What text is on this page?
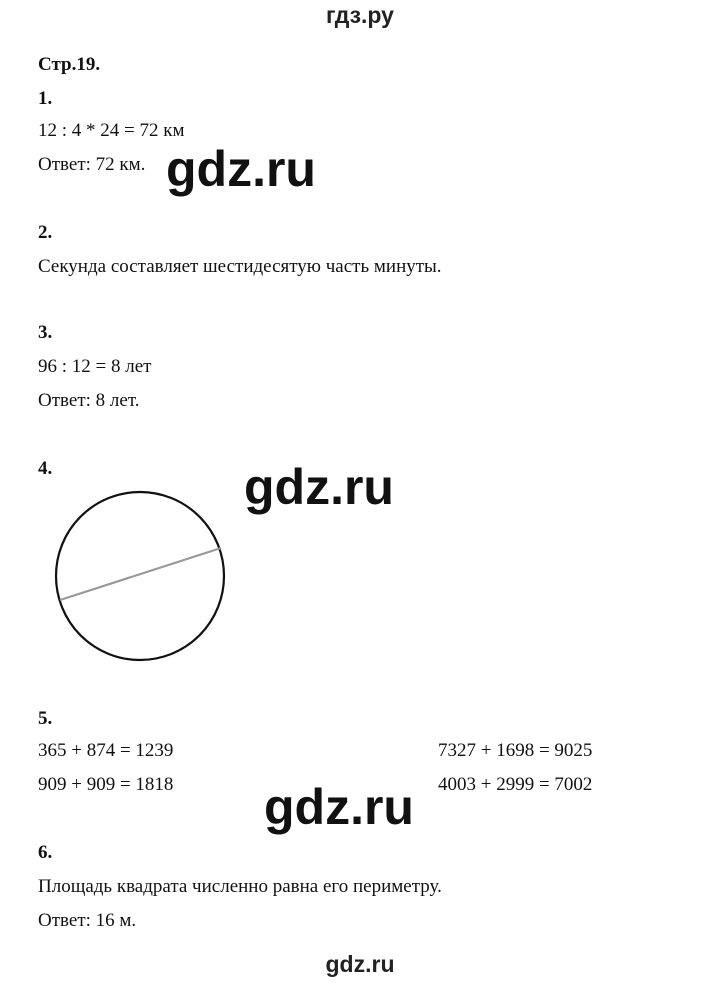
гдз.ру
Стр.19.
1.
12 : 4 * 24 = 72 км
Ответ: 72 км. gdz.ru
2.
Секунда составляет шестидесятую часть минуты.
3.
96 : 12 = 8 лет
Ответ: 8 лет.
4.	gdz.ru
5.
365 + 874 = 1239
909 + 909 = 1818
7327 + 1698 = 9025
4003 + 2999 = 7002
gdz.ru
6.
Площадь квадрата численно равна его периметру.
Ответ: 16 м.
gdz.ru
